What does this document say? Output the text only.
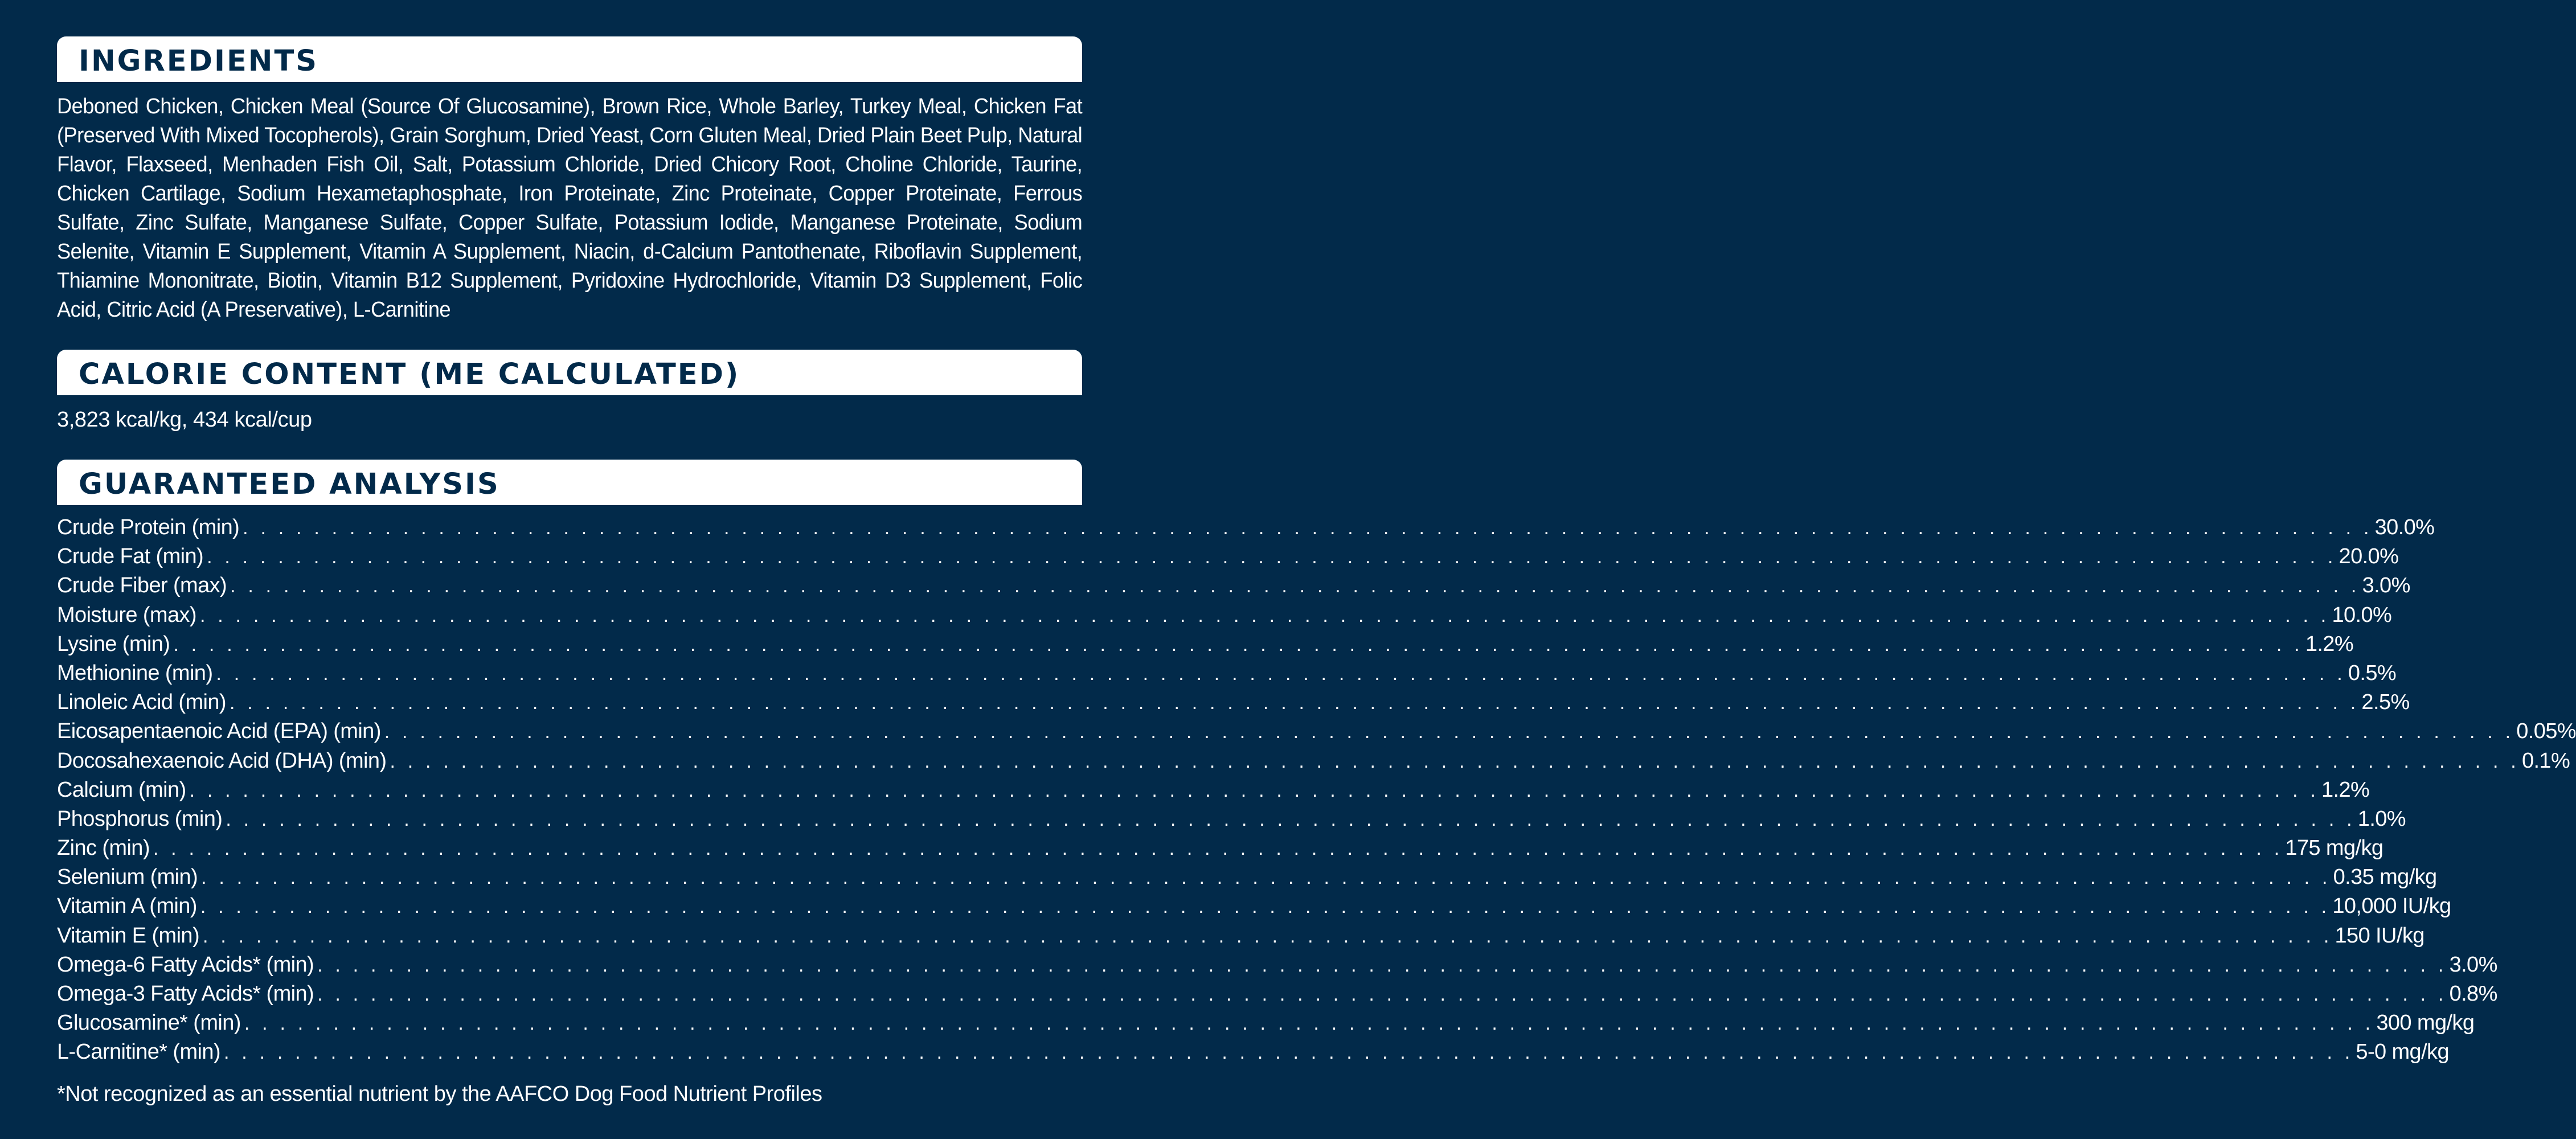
INGREDIENTS

Deboned Chicken, Chicken Meal (Source Of Glucosamine), Brown Rice, Whole Barley, Turkey Meal, Chicken Fat (Preserved With Mixed Tocopherols), Grain Sorghum, Dried Yeast, Corn Gluten Meal, Dried Plain Beet Pulp, Natural Flavor, Flaxseed, Menhaden Fish Oil, Salt, Potassium Chloride, Dried Chicory Root, Choline Chloride, Taurine, Chicken Cartilage, Sodium Hexametaphosphate, Iron Proteinate, Zinc Proteinate, Copper Proteinate, Ferrous Sulfate, Zinc Sulfate, Manganese Sulfate, Copper Sulfate, Potassium Iodide, Manganese Proteinate, Sodium Selenite, Vitamin E Supplement, Vitamin A Supplement, Niacin, d-Calcium Pantothenate, Riboflavin Supplement, Thiamine Mononitrate, Biotin, Vitamin B12 Supplement, Pyridoxine Hydrochloride, Vitamin D3 Supplement, Folic Acid, Citric Acid (A Preservative), L-Carnitine

CALORIE CONTENT (ME CALCULATED)

3,823 kcal/kg, 434 kcal/cup

GUARANTEED ANALYSIS
Crude Protein (min) . . . . . . . . . . . . . . . . . . . . . . . . . . . . . . . . . . . . . . . . . . . . . . . . . . . . . . . . . . . . . . . . . . . . . . . . . . . . . . . . . . . . . . . . . . . . . . . . . . . . . . . . . . . . . . . . . . . . . . . . 30.0%
Crude Fat (min) . . . . . . . . . . . . . . . . . . . . . . . . . . . . . . . . . . . . . . . . . . . . . . . . . . . . . . . . . . . . . . . . . . . . . . . . . . . . . . . . . . . . . . . . . . . . . . . . . . . . . . . . . . . . . . . . . . . . . . . . 20.0%
Crude Fiber (max) . . . . . . . . . . . . . . . . . . . . . . . . . . . . . . . . . . . . . . . . . . . . . . . . . . . . . . . . . . . . . . . . . . . . . . . . . . . . . . . . . . . . . . . . . . . . . . . . . . . . . . . . . . . . . . . . . . . . . . . . 3.0%
Moisture (max) . . . . . . . . . . . . . . . . . . . . . . . . . . . . . . . . . . . . . . . . . . . . . . . . . . . . . . . . . . . . . . . . . . . . . . . . . . . . . . . . . . . . . . . . . . . . . . . . . . . . . . . . . . . . . . . . . . . . . . . . 10.0%
Lysine (min) . . . . . . . . . . . . . . . . . . . . . . . . . . . . . . . . . . . . . . . . . . . . . . . . . . . . . . . . . . . . . . . . . . . . . . . . . . . . . . . . . . . . . . . . . . . . . . . . . . . . . . . . . . . . . . . . . . . . . . . . 1.2%
Methionine (min) . . . . . . . . . . . . . . . . . . . . . . . . . . . . . . . . . . . . . . . . . . . . . . . . . . . . . . . . . . . . . . . . . . . . . . . . . . . . . . . . . . . . . . . . . . . . . . . . . . . . . . . . . . . . . . . . . . . . . . . . 0.5%
Linoleic Acid (min) . . . . . . . . . . . . . . . . . . . . . . . . . . . . . . . . . . . . . . . . . . . . . . . . . . . . . . . . . . . . . . . . . . . . . . . . . . . . . . . . . . . . . . . . . . . . . . . . . . . . . . . . . . . . . . . . . . . . . . . . 2.5%
Eicosapentaenoic Acid (EPA) (min) . . . . . . . . . . . . . . . . . . . . . . . . . . . . . . . . . . . . . . . . . . . . . . . . . . . . . . . . . . . . . . . . . . . . . . . . . . . . . . . . . . . . . . . . . . . . . . . . . . . . . . . . . . . . . . . . . . . . . . . . 0.05%
Docosahexaenoic Acid (DHA) (min) . . . . . . . . . . . . . . . . . . . . . . . . . . . . . . . . . . . . . . . . . . . . . . . . . . . . . . . . . . . . . . . . . . . . . . . . . . . . . . . . . . . . . . . . . . . . . . . . . . . . . . . . . . . . . . . . . . . . . . . . 0.1%
Calcium (min) . . . . . . . . . . . . . . . . . . . . . . . . . . . . . . . . . . . . . . . . . . . . . . . . . . . . . . . . . . . . . . . . . . . . . . . . . . . . . . . . . . . . . . . . . . . . . . . . . . . . . . . . . . . . . . . . . . . . . . . . 1.2%
Phosphorus (min) . . . . . . . . . . . . . . . . . . . . . . . . . . . . . . . . . . . . . . . . . . . . . . . . . . . . . . . . . . . . . . . . . . . . . . . . . . . . . . . . . . . . . . . . . . . . . . . . . . . . . . . . . . . . . . . . . . . . . . . . 1.0%
Zinc (min) . . . . . . . . . . . . . . . . . . . . . . . . . . . . . . . . . . . . . . . . . . . . . . . . . . . . . . . . . . . . . . . . . . . . . . . . . . . . . . . . . . . . . . . . . . . . . . . . . . . . . . . . . . . . . . . . . . . . . . . . 175 mg/kg
Selenium (min) . . . . . . . . . . . . . . . . . . . . . . . . . . . . . . . . . . . . . . . . . . . . . . . . . . . . . . . . . . . . . . . . . . . . . . . . . . . . . . . . . . . . . . . . . . . . . . . . . . . . . . . . . . . . . . . . . . . . . . . . 0.35 mg/kg
Vitamin A (min) . . . . . . . . . . . . . . . . . . . . . . . . . . . . . . . . . . . . . . . . . . . . . . . . . . . . . . . . . . . . . . . . . . . . . . . . . . . . . . . . . . . . . . . . . . . . . . . . . . . . . . . . . . . . . . . . . . . . . . . . 10,000 IU/kg
Vitamin E (min) . . . . . . . . . . . . . . . . . . . . . . . . . . . . . . . . . . . . . . . . . . . . . . . . . . . . . . . . . . . . . . . . . . . . . . . . . . . . . . . . . . . . . . . . . . . . . . . . . . . . . . . . . . . . . . . . . . . . . . . . 150 IU/kg
Omega-6 Fatty Acids* (min) . . . . . . . . . . . . . . . . . . . . . . . . . . . . . . . . . . . . . . . . . . . . . . . . . . . . . . . . . . . . . . . . . . . . . . . . . . . . . . . . . . . . . . . . . . . . . . . . . . . . . . . . . . . . . . . . . . . . . . . . 3.0%
Omega-3 Fatty Acids* (min) . . . . . . . . . . . . . . . . . . . . . . . . . . . . . . . . . . . . . . . . . . . . . . . . . . . . . . . . . . . . . . . . . . . . . . . . . . . . . . . . . . . . . . . . . . . . . . . . . . . . . . . . . . . . . . . . . . . . . . . . 0.8%
Glucosamine* (min) . . . . . . . . . . . . . . . . . . . . . . . . . . . . . . . . . . . . . . . . . . . . . . . . . . . . . . . . . . . . . . . . . . . . . . . . . . . . . . . . . . . . . . . . . . . . . . . . . . . . . . . . . . . . . . . . . . . . . . . . 300 mg/kg
L-Carnitine* (min) . . . . . . . . . . . . . . . . . . . . . . . . . . . . . . . . . . . . . . . . . . . . . . . . . . . . . . . . . . . . . . . . . . . . . . . . . . . . . . . . . . . . . . . . . . . . . . . . . . . . . . . . . . . . . . . . . . . . . . . . 5-0 mg/kg

*Not recognized as an essential nutrient by the AAFCO Dog Food Nutrient Profiles
